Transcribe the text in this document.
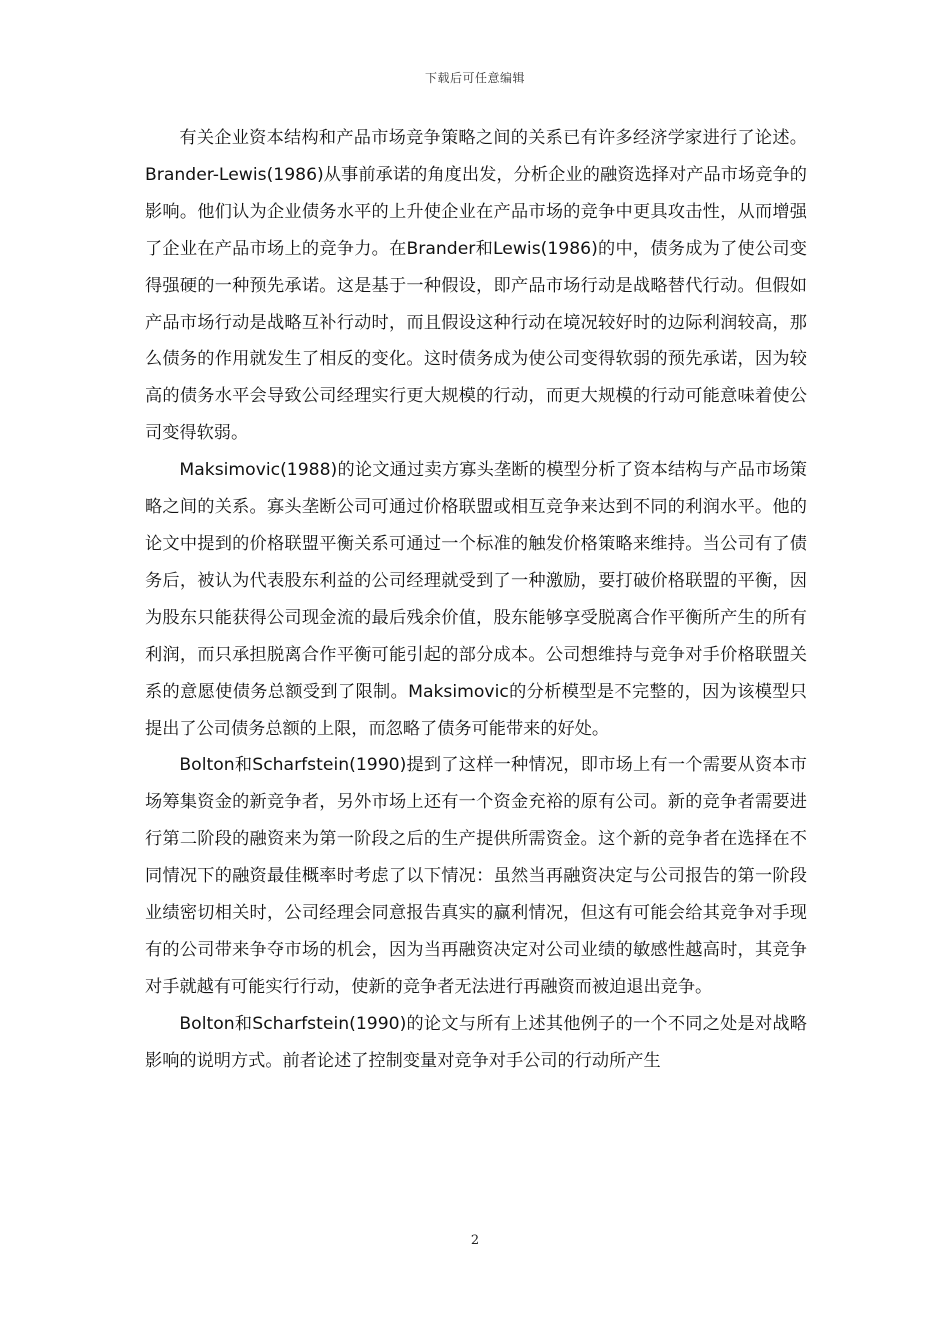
下载后可任意编辑

有关企业资本结构和产品市场竞争策略之间的关系已有许多经济学家进行了论述。Brander-Lewis(1986)从事前承诺的角度出发，分析企业的融资选择对产品市场竞争的影响。他们认为企业债务水平的上升使企业在产品市场的竞争中更具攻击性，从而增强了企业在产品市场上的竞争力。在Brander和Lewis(1986)的中，债务成为了使公司变得强硬的一种预先承诺。这是基于一种假设，即产品市场行动是战略替代行动。但假如产品市场行动是战略互补行动时，而且假设这种行动在境况较好时的边际利润较高，那么债务的作用就发生了相反的变化。这时债务成为使公司变得软弱的预先承诺，因为较高的债务水平会导致公司经理实行更大规模的行动，而更大规模的行动可能意味着使公司变得软弱。

Maksimovic(1988)的论文通过卖方寡头垄断的模型分析了资本结构与产品市场策略之间的关系。寡头垄断公司可通过价格联盟或相互竞争来达到不同的利润水平。他的论文中提到的价格联盟平衡关系可通过一个标准的触发价格策略来维持。当公司有了债务后，被认为代表股东利益的公司经理就受到了一种激励，要打破价格联盟的平衡，因为股东只能获得公司现金流的最后残余价值，股东能够享受脱离合作平衡所产生的所有利润，而只承担脱离合作平衡可能引起的部分成本。公司想维持与竞争对手价格联盟关系的意愿使债务总额受到了限制。Maksimovic的分析模型是不完整的，因为该模型只提出了公司债务总额的上限，而忽略了债务可能带来的好处。

Bolton和Scharfstein(1990)提到了这样一种情况，即市场上有一个需要从资本市场筹集资金的新竞争者，另外市场上还有一个资金充裕的原有公司。新的竞争者需要进行第二阶段的融资来为第一阶段之后的生产提供所需资金。这个新的竞争者在选择在不同情况下的融资最佳概率时考虑了以下情况：虽然当再融资决定与公司报告的第一阶段业绩密切相关时，公司经理会同意报告真实的赢利情况，但这有可能会给其竞争对手现有的公司带来争夺市场的机会，因为当再融资决定对公司业绩的敏感性越高时，其竞争对手就越有可能实行行动，使新的竞争者无法进行再融资而被迫退出竞争。

Bolton和Scharfstein(1990)的论文与所有上述其他例子的一个不同之处是对战略影响的说明方式。前者论述了控制变量对竞争对手公司的行动所产生

2
